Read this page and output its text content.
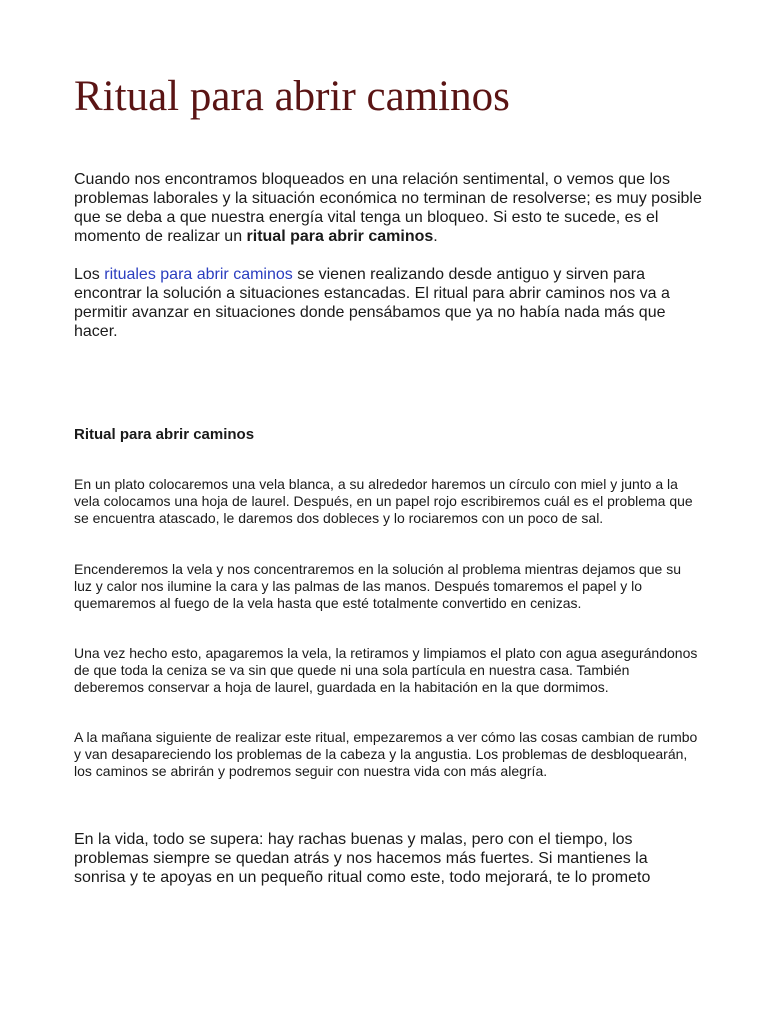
Ritual para abrir caminos

Cuando nos encontramos bloqueados en una relación sentimental, o vemos que los problemas laborales y la situación económica no terminan de resolverse; es muy posible que se deba a que nuestra energía vital tenga un bloqueo. Si esto te sucede, es el momento de realizar un ritual para abrir caminos.

Los rituales para abrir caminos se vienen realizando desde antiguo y sirven para encontrar la solución a situaciones estancadas. El ritual para abrir caminos nos va a permitir avanzar en situaciones donde pensábamos que ya no había nada más que hacer.

Ritual para abrir caminos

En un plato colocaremos una vela blanca, a su alrededor haremos un círculo con miel y junto a la vela colocamos una hoja de laurel. Después, en un papel rojo escribiremos cuál es el problema que se encuentra atascado, le daremos dos dobleces y lo rociaremos con un poco de sal.

Encenderemos la vela y nos concentraremos en la solución al problema mientras dejamos que su luz y calor nos ilumine la cara y las palmas de las manos. Después tomaremos el papel y lo quemaremos al fuego de la vela hasta que esté totalmente convertido en cenizas.

Una vez hecho esto, apagaremos la vela, la retiramos y limpiamos el plato con agua asegurándonos de que toda la ceniza se va sin que quede ni una sola partícula en nuestra casa. También deberemos conservar a hoja de laurel, guardada en la habitación en la que dormimos.

A la mañana siguiente de realizar este ritual, empezaremos a ver cómo las cosas cambian de rumbo y van desapareciendo los problemas de la cabeza y la angustia. Los problemas de desbloquearán, los caminos se abrirán y podremos seguir con nuestra vida con más alegría.

En la vida, todo se supera: hay rachas buenas y malas, pero con el tiempo, los problemas siempre se quedan atrás y nos hacemos más fuertes. Si mantienes la sonrisa y te apoyas en un pequeño ritual como este, todo mejorará, te lo prometo
